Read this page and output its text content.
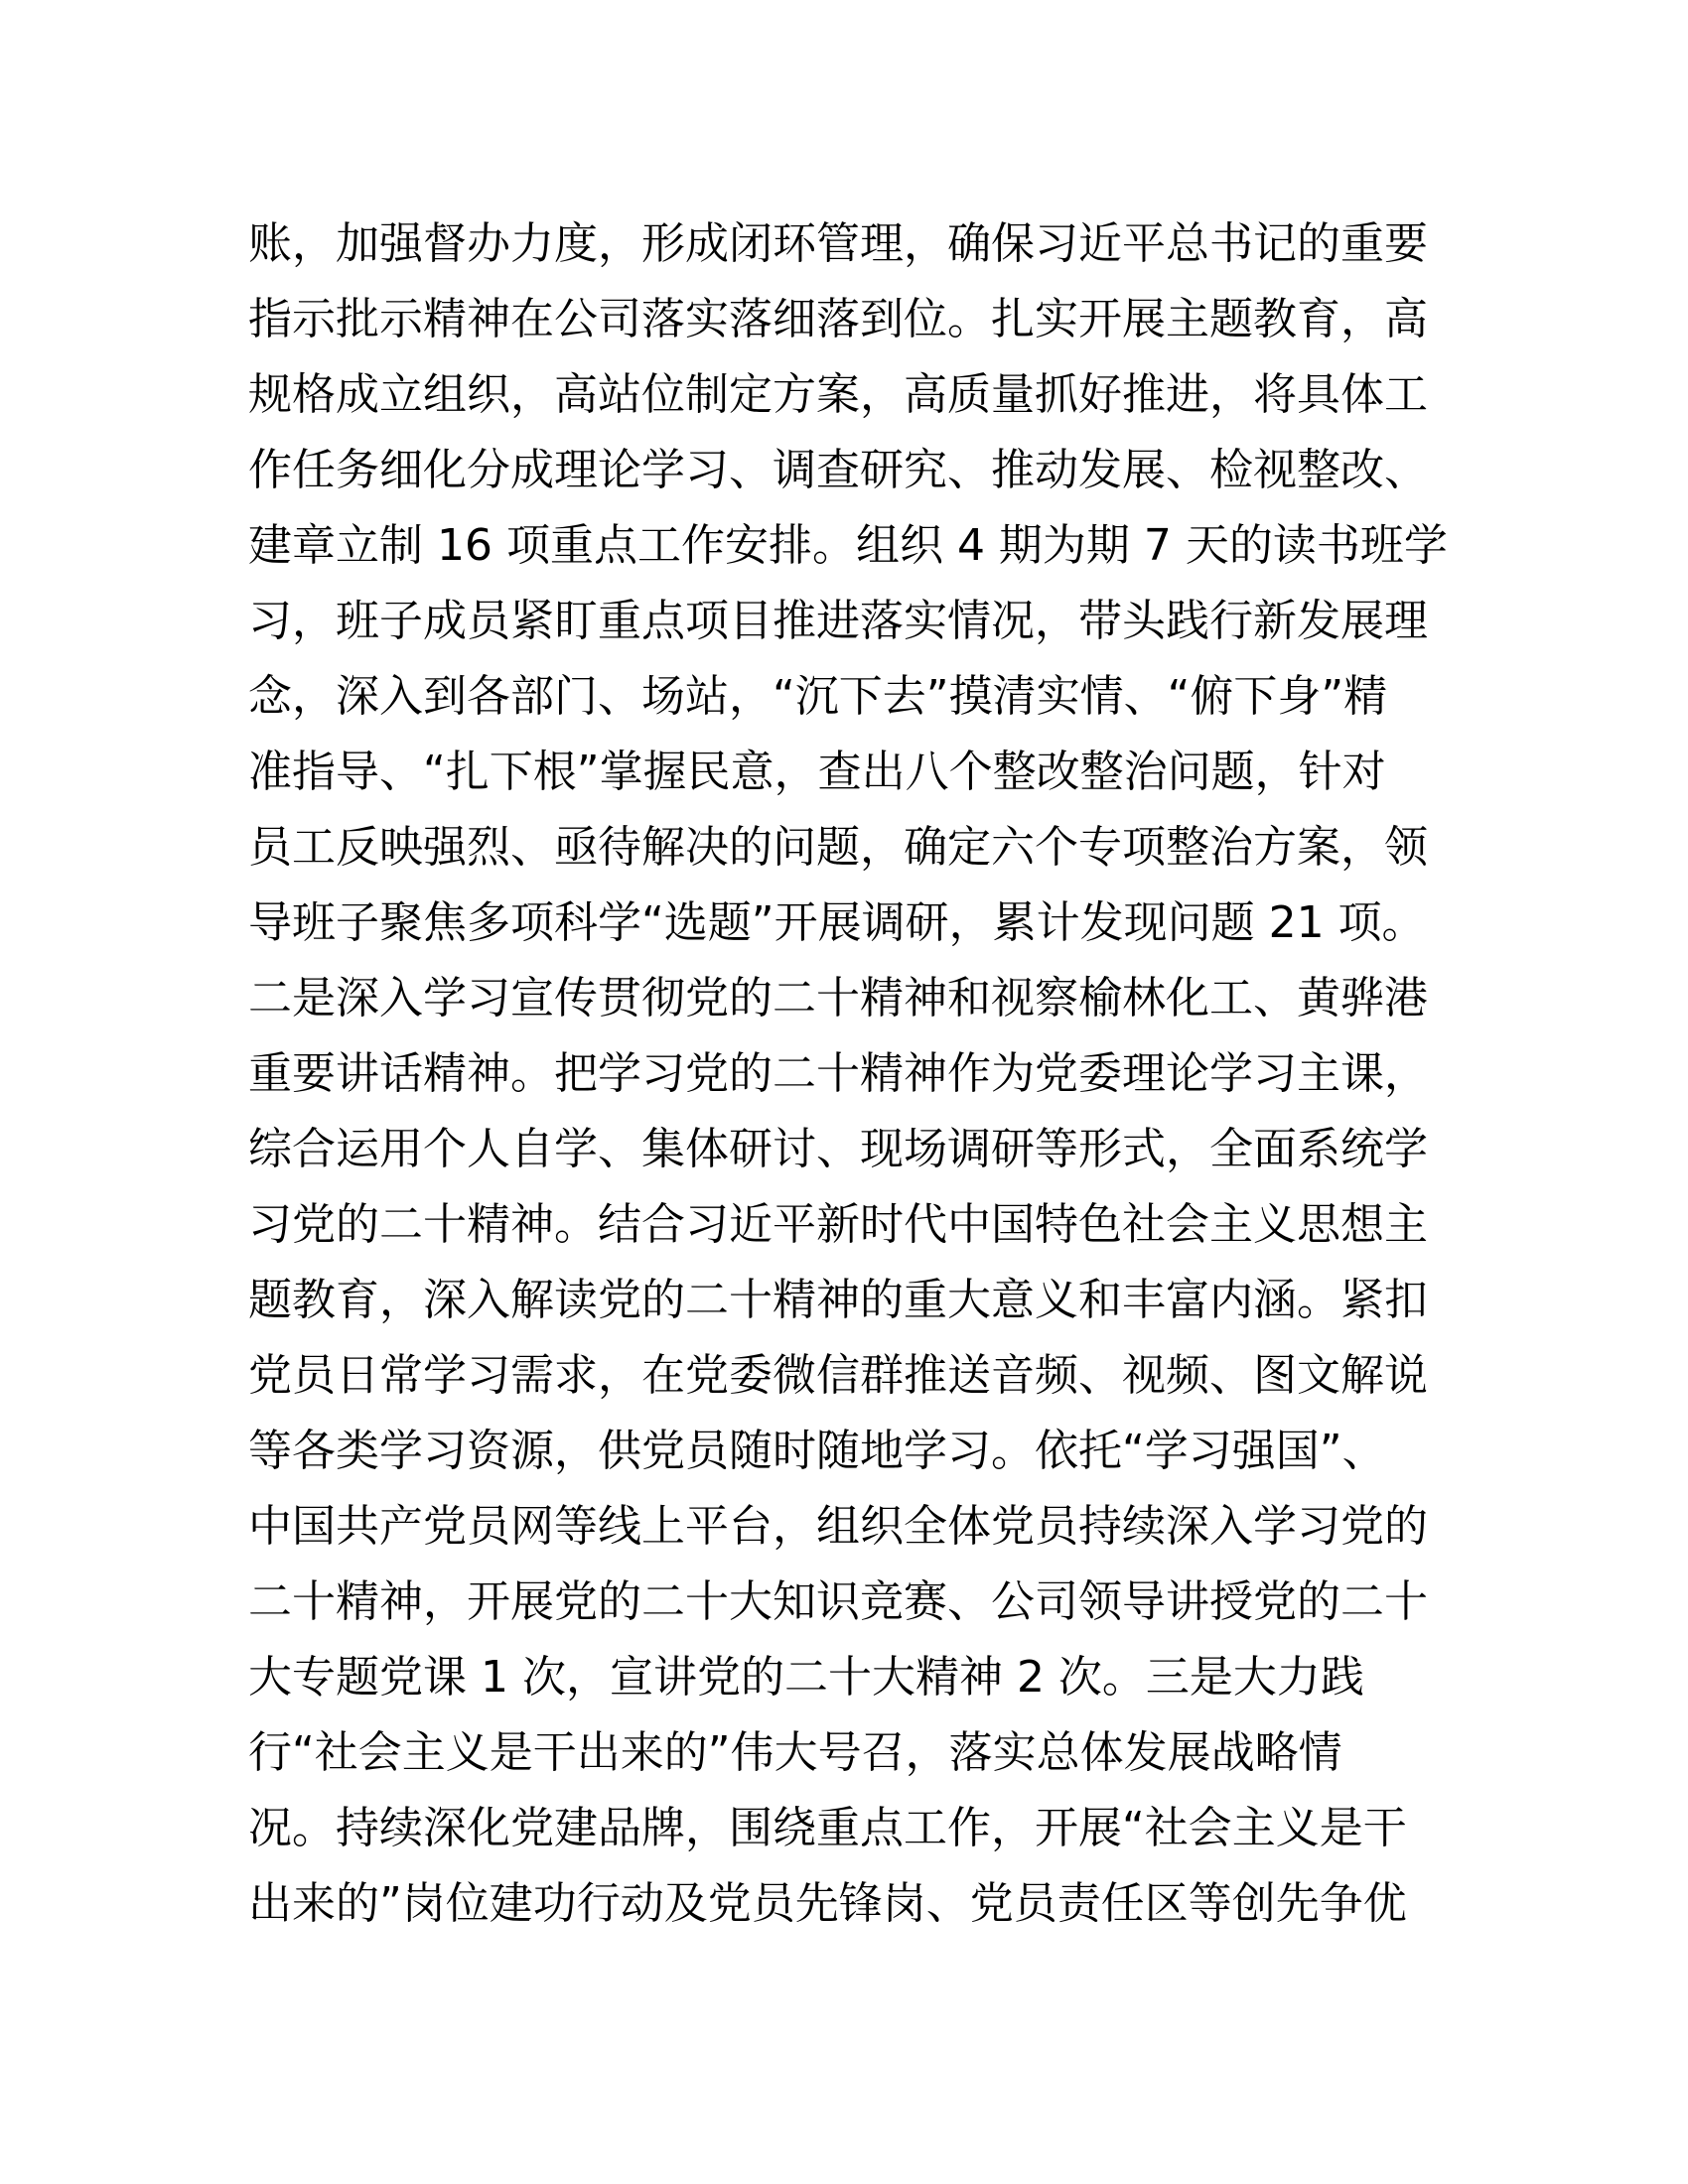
账，加强督办力度，形成闭环管理，确保习近平总书记的重要
指示批示精神在公司落实落细落到位。扎实开展主题教育，高
规格成立组织，高站位制定方案，高质量抓好推进，将具体工
作任务细化分成理论学习、调查研究、推动发展、检视整改、
建章立制 16 项重点工作安排。组织 4 期为期 7 天的读书班学
习，班子成员紧盯重点项目推进落实情况，带头践行新发展理
念，深入到各部门、场站，“沉下去”摸清实情、“俯下身”精
准指导、“扎下根”掌握民意，查出八个整改整治问题，针对
员工反映强烈、亟待解决的问题，确定六个专项整治方案，领
导班子聚焦多项科学“选题”开展调研，累计发现问题 21 项。
二是深入学习宣传贯彻党的二十精神和视察榆林化工、黄骅港
重要讲话精神。把学习党的二十精神作为党委理论学习主课，
综合运用个人自学、集体研讨、现场调研等形式，全面系统学
习党的二十精神。结合习近平新时代中国特色社会主义思想主
题教育，深入解读党的二十精神的重大意义和丰富内涵。紧扣
党员日常学习需求，在党委微信群推送音频、视频、图文解说
等各类学习资源，供党员随时随地学习。依托“学习强国”、
中国共产党员网等线上平台，组织全体党员持续深入学习党的
二十精神，开展党的二十大知识竞赛、公司领导讲授党的二十
大专题党课 1 次，宣讲党的二十大精神 2 次。三是大力践
行“社会主义是干出来的”伟大号召，落实总体发展战略情
况。持续深化党建品牌，围绕重点工作，开展“社会主义是干
出来的”岗位建功行动及党员先锋岗、党员责任区等创先争优
